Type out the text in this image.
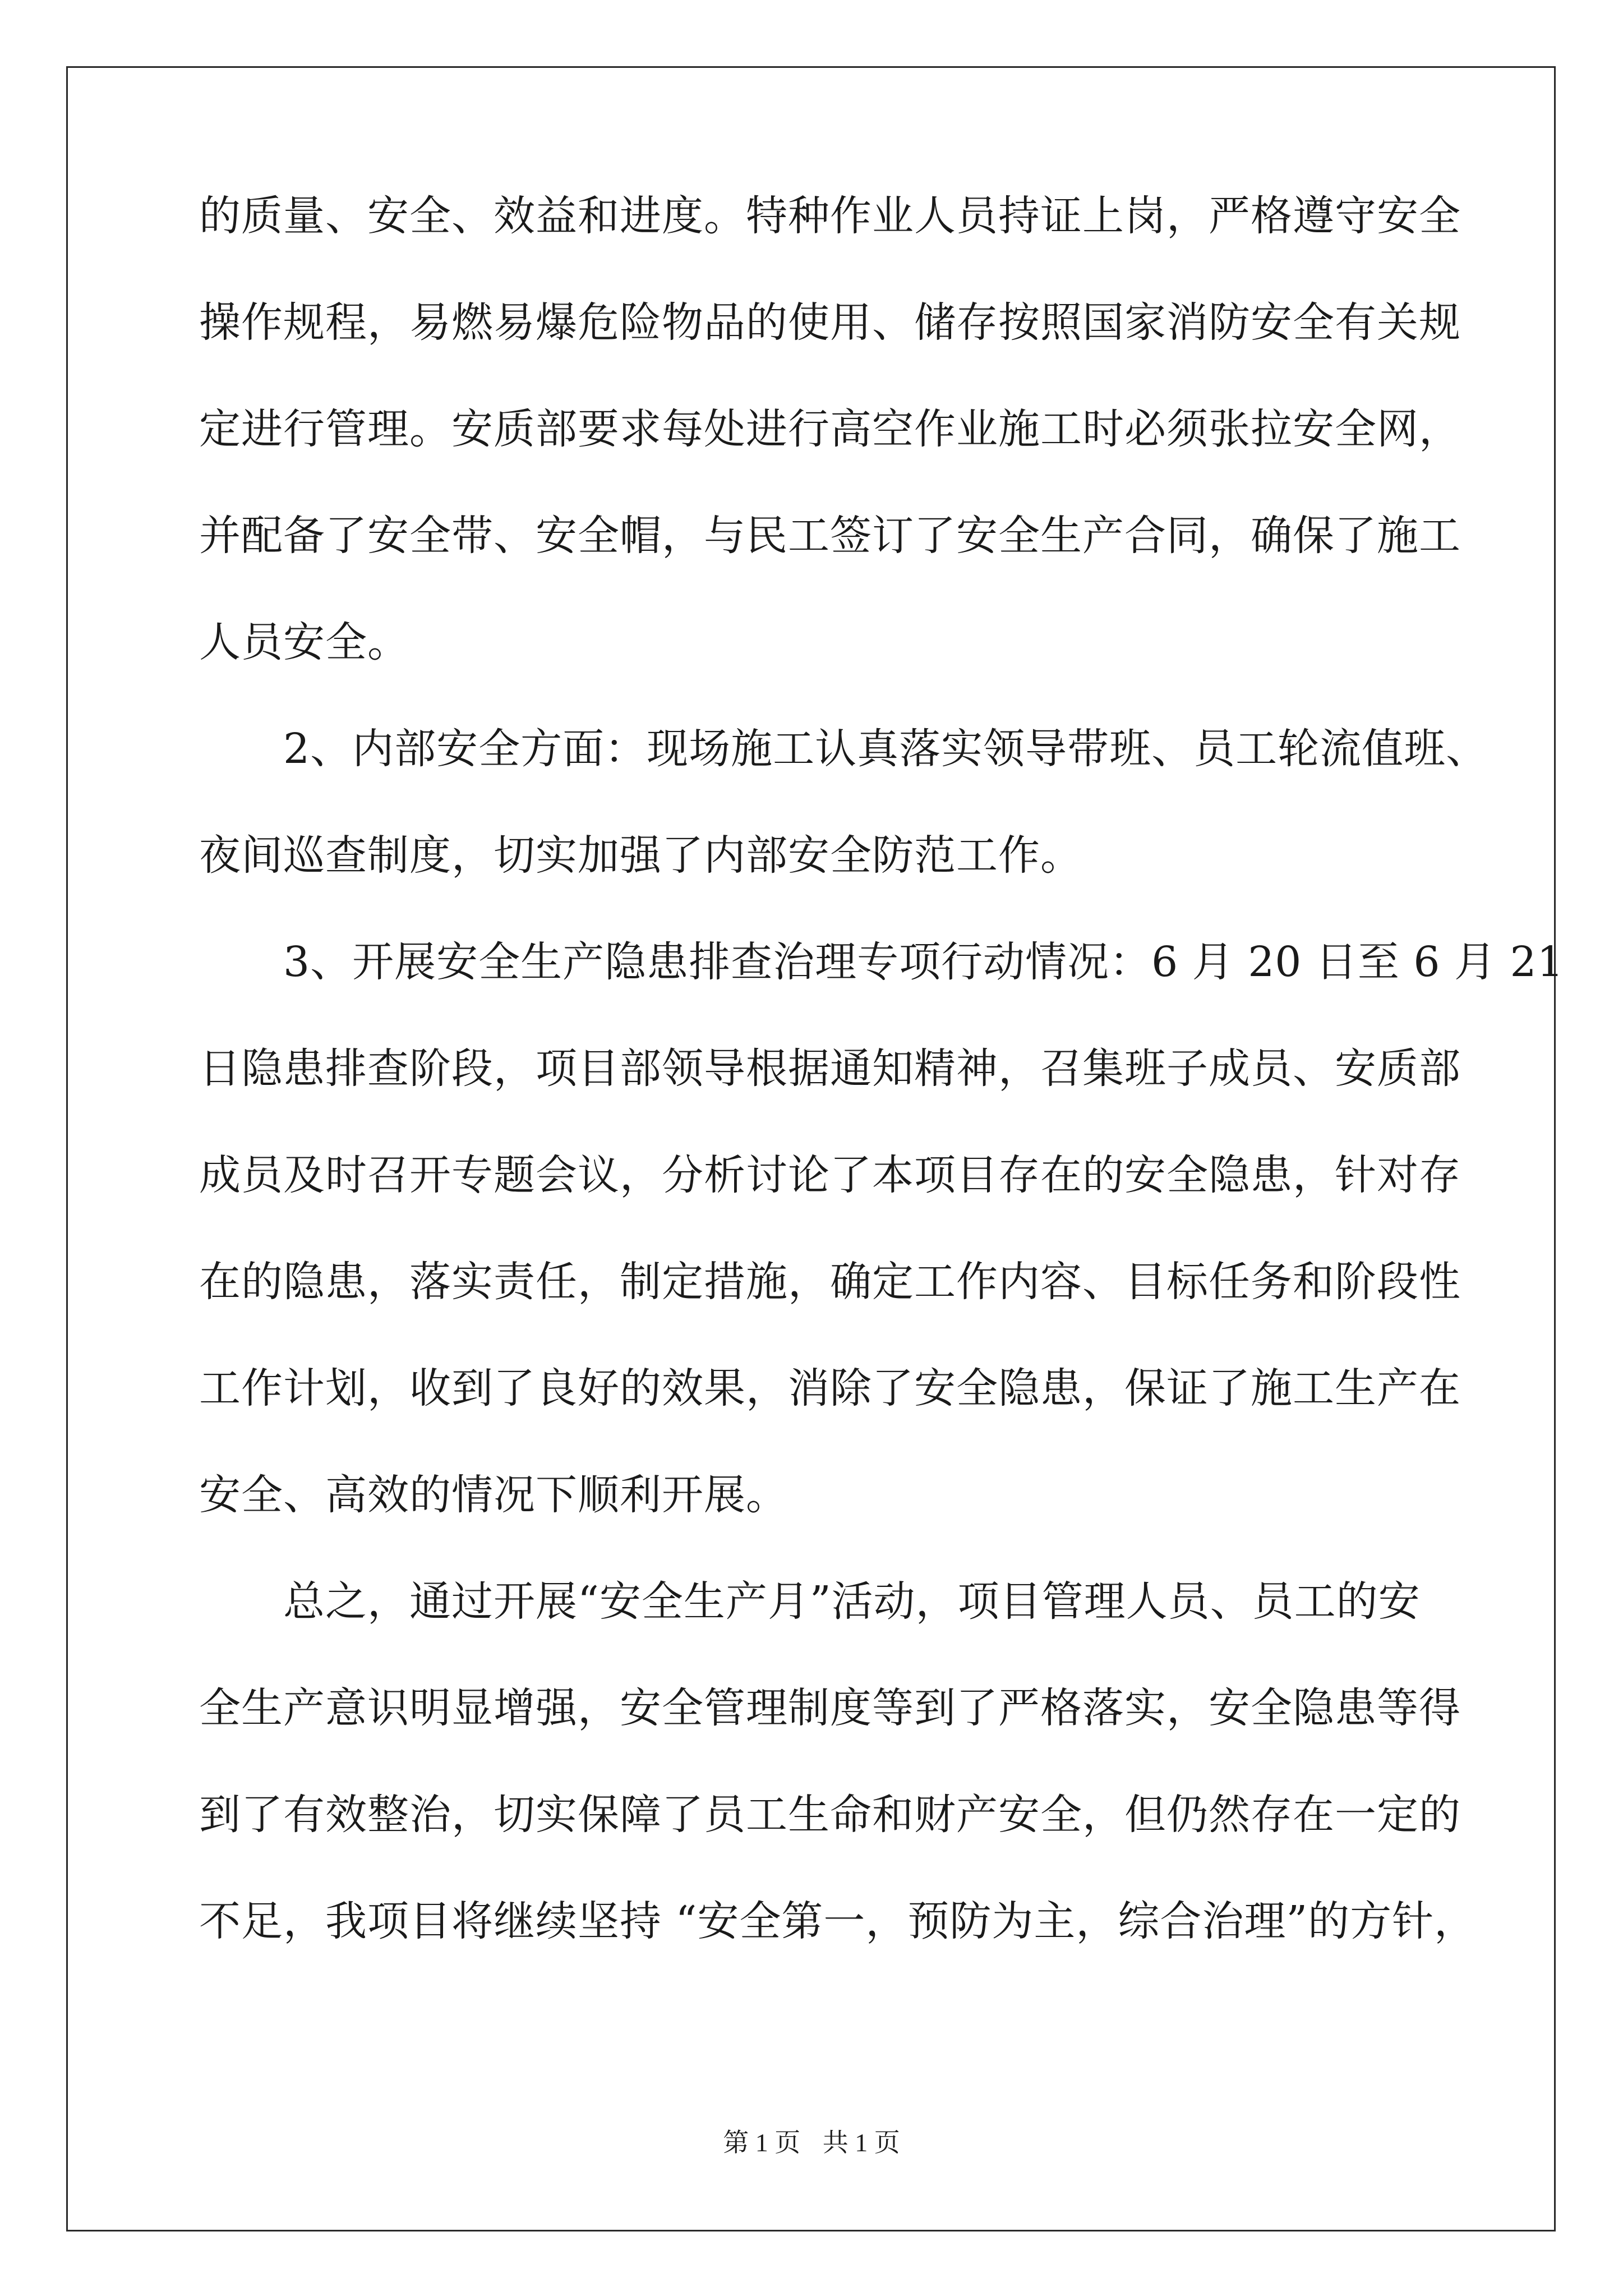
的质量、安全、效益和进度。特种作业人员持证上岗，严格遵守安全
操作规程，易燃易爆危险物品的使用、储存按照国家消防安全有关规
定进行管理。安质部要求每处进行高空作业施工时必须张拉安全网，
并配备了安全带、安全帽，与民工签订了安全生产合同，确保了施工
人员安全。
　　2、内部安全方面：现场施工认真落实领导带班、员工轮流值班、
夜间巡查制度，切实加强了内部安全防范工作。
　　3、开展安全生产隐患排查治理专项行动情况：6 月 20 日至 6 月 21
日隐患排查阶段，项目部领导根据通知精神，召集班子成员、安质部
成员及时召开专题会议，分析讨论了本项目存在的安全隐患，针对存
在的隐患，落实责任，制定措施，确定工作内容、目标任务和阶段性
工作计划，收到了良好的效果，消除了安全隐患，保证了施工生产在
安全、高效的情况下顺利开展。
　　总之，通过开展“安全生产月”活动，项目管理人员、员工的安
全生产意识明显增强，安全管理制度等到了严格落实，安全隐患等得
到了有效整治，切实保障了员工生命和财产安全，但仍然存在一定的
不足，我项目将继续坚持 “安全第一，预防为主，综合治理”的方针，
第 1 页 共 1 页
